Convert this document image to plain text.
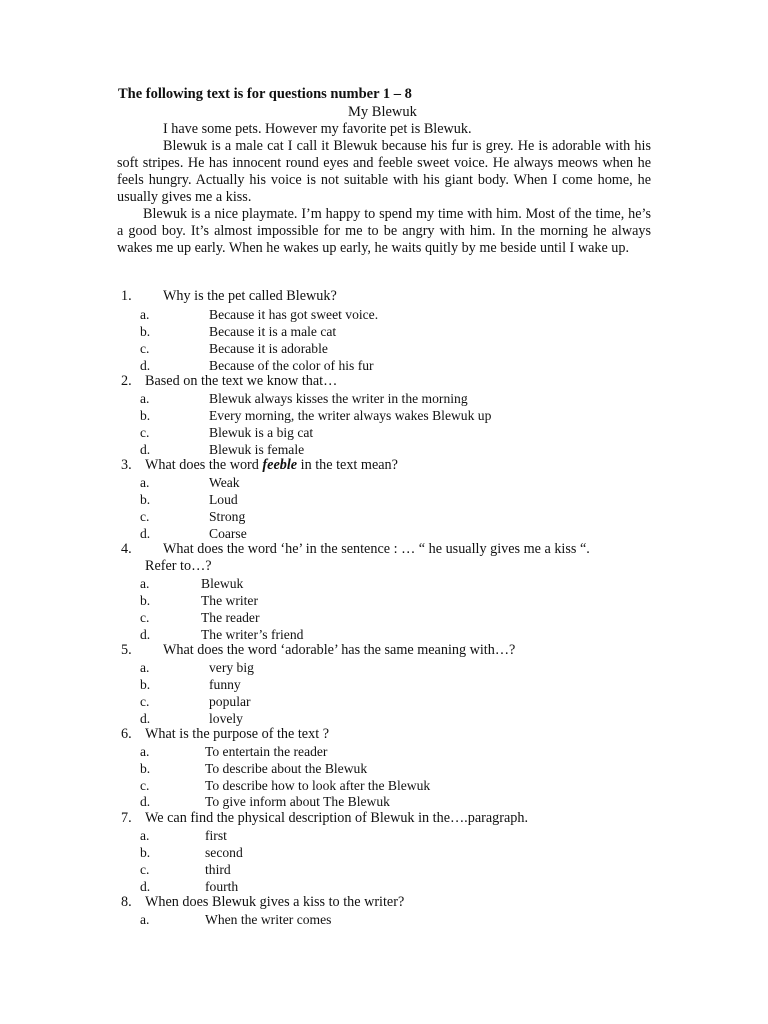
The following text is for questions number 1 – 8
My Blewuk

I have some pets. However my favorite pet is Blewuk.

Blewuk is a male cat I call it Blewuk because his fur is grey. He is adorable with his soft stripes. He has innocent round eyes and feeble sweet voice. He always meows when he feels hungry. Actually his voice is not suitable with his giant body. When I come home, he usually gives me a kiss.

Blewuk is a nice playmate. I’m happy to spend my time with him. Most of the time, he’s a good boy. It’s almost impossible for me to be angry with him. In the morning he always wakes me up early. When he wakes up early, he waits quitly by me beside until I wake up.

1. Why is the pet called Blewuk?
a.	Because it has got sweet voice.
b.	Because it is a male cat
c.	Because it is adorable
d.	Because of the color of his fur
2. Based on the text we know that…
a.	Blewuk always kisses the writer in the morning
b.	Every morning, the writer always wakes Blewuk up
c.	Blewuk is a big cat
d.	Blewuk is female
3. What does the word feeble in the text mean?
a.	Weak
b.	Loud
c.	Strong
d.	Coarse
4. What does the word ‘he’ in the sentence : … “ he usually gives me a kiss “.
Refer to…?
a.	Blewuk
b.	The writer
c.	The reader
d.	The writer’s friend
5. What does the word ‘adorable’ has the same meaning with…?
a.	very big
b.	funny
c.	popular
d.	lovely
6. What is the purpose of the text ?
a.	To entertain the reader
b.	To describe about the Blewuk
c.	To describe how to look after the Blewuk
d.	To give inform about The Blewuk
7. We can find the physical description of Blewuk in the….paragraph.
a.	first
b.	second
c.	third
d.	fourth
8. When does Blewuk gives a kiss to the writer?
a.	When the writer comes
